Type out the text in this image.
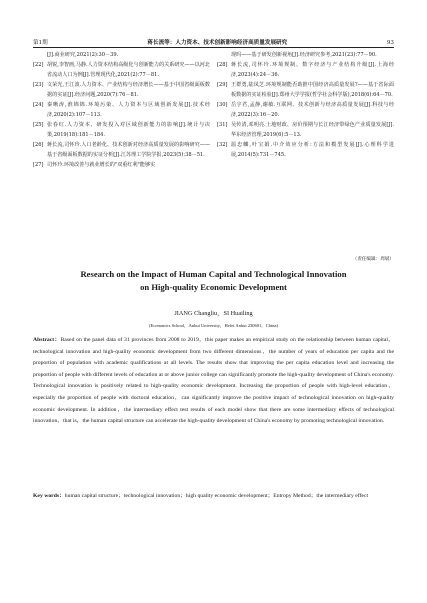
第1期	蒋长流等：人力资本、技术创新影响经济高质量发展研究	93
[J].商业研究,2021(2):30－39.
[22] 胡锐,李智画,马静.人力资本结构高级化与创新能力的关系研究——以河北省流动人口为例[J].管理现代化,2021(2):77－81.
[23] 文荣光,王江波.人力资本、产业结构与经济增长——基于中国省级面板数据的实证[J].经济问题,2020(7):76－81.
[24] 秦晰涛,淮锦锦.环境污染、人力资本与区域创新发展[J].技术经济,2020(2):107－113.
[25] 张春红.人力资本、研发投入对区域创新能力的影响[J].统计与决策,2019(18):181－184.
[26] 蒋长流,司怀玲.人口老龄化、技术创新对经济高质量发展的影响研究——基于省级面板数据的实证分析[J].江苏理工学院学报,2023(5):38－51.
[27] 司怀玲.环境改善与就业增长的"双重红利"能够实
现吗——基于研发创新视角[J].经济研究参考,2021(23):77－90.
[28] 蒋长流,司怀玲.环境规制、数字经济与产业结构升级[J].上海经济,2023(4):24－36.
[29] 王群勇,陆凤芝.环境规制能否助推中国经济高质量发展?——基于省际面板数据的实证检验[J].郑州大学学报(哲学社会科学版),2018(6):64－70.
[30] 岳宇君,孟静,谢敏.互联网、技术创新与经济高质量发展[J].科技与经济,2022(3):16－20.
[31] 吴传清,邓明亮.土地财政、房价预期与长江经济带绿色产业质量发展[J].华东经济管理,2019(6):5－13.
[32] 温忠麟,叶宝娟.中介效应分析:方法和模型发展[J].心理科学进展,2014(5):731－745.
（责任编辑：周斌）
Research on the Impact of Human Capital and Technological Innovation
on High-quality Economic Development
JIANG Changliu，SI Huailing
(Economics School，Anhui University，Hefei Anhui 230601，China)
Abstract：Based on the panel data of 31 provinces from 2008 to 2019，this paper makes an empirical study on the relationship between human capital，technological innovation and high-quality economic development from two different dimensions，the number of years of education per capita and the proportion of population with academic qualifications at all levels. The results show that improving the per capita education level and increasing the proportion of people with different levels of education at or above junior college can significantly promote the high-quality development of China's economy. Technological innovation is positively related to high-quality economic development. Increasing the proportion of people with high-level education，especially the proportion of people with doctoral education，can significantly improve the positive impact of technological innovation on high-quality economic development. In addition，the intermediary effect test results of each model show that there are some intermediary effects of technological innovation，that is，the human capital structure can accelerate the high-quality development of China's economy by promoting technological innovation.
Key words：human capital structure；technological innovation；high quality economic development；Entropy Method；the intermediary effect
